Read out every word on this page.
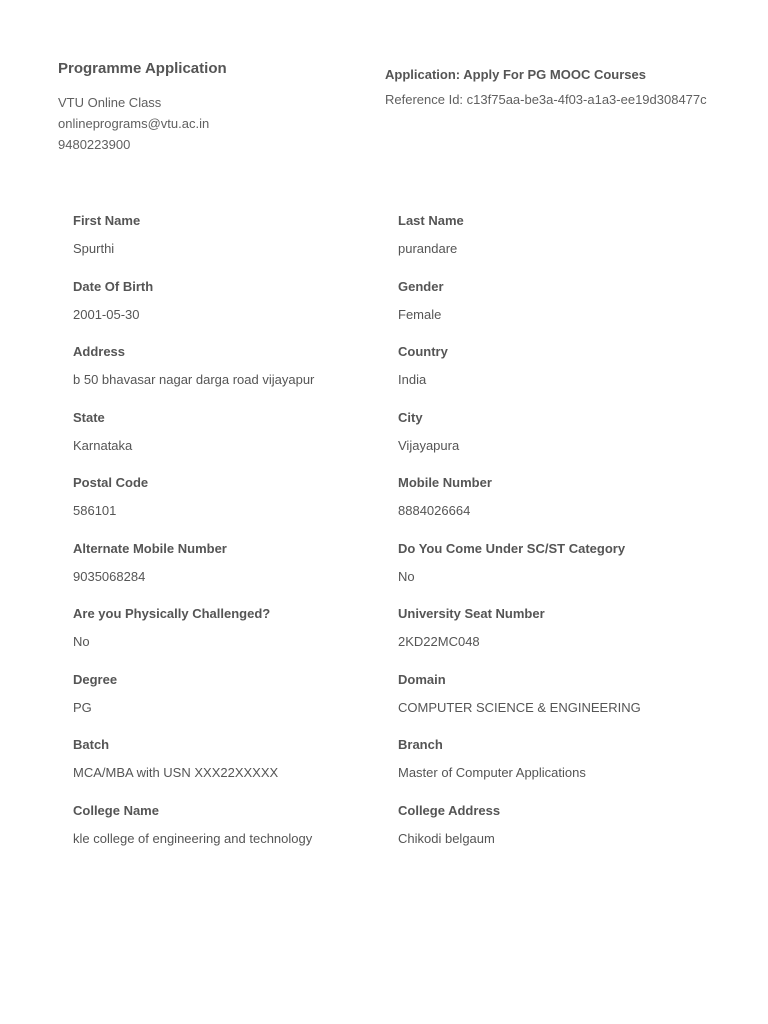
Programme Application
VTU Online Class
onlineprograms@vtu.ac.in
9480223900
Application: Apply For PG MOOC Courses
Reference Id: c13f75aa-be3a-4f03-a1a3-ee19d308477c
First Name
Spurthi
Last Name
purandare
Date Of Birth
2001-05-30
Gender
Female
Address
b 50 bhavasar nagar darga road vijayapur
Country
India
State
Karnataka
City
Vijayapura
Postal Code
586101
Mobile Number
8884026664
Alternate Mobile Number
9035068284
Do You Come Under SC/ST Category
No
Are you Physically Challenged?
No
University Seat Number
2KD22MC048
Degree
PG
Domain
COMPUTER SCIENCE & ENGINEERING
Batch
MCA/MBA with USN XXX22XXXXX
Branch
Master of Computer Applications
College Name
kle college of engineering and technology
College Address
Chikodi belgaum
